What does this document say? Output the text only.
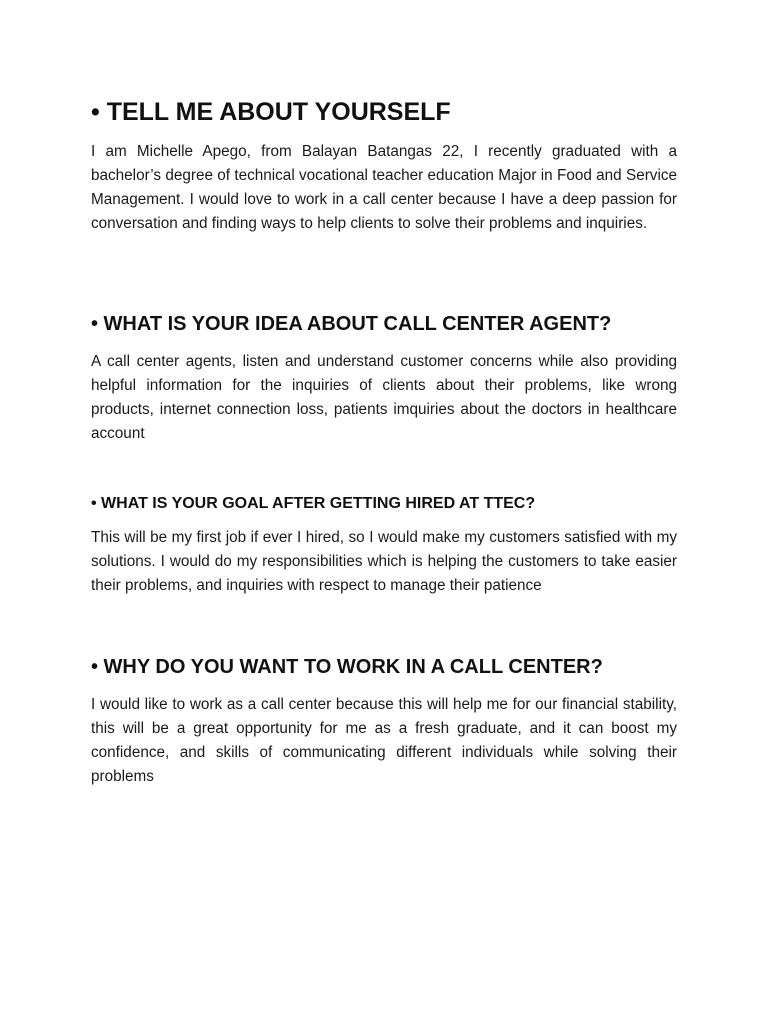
• TELL ME ABOUT YOURSELF

I am Michelle Apego, from Balayan Batangas 22, I recently graduated with a bachelor’s degree of technical vocational teacher education Major in Food and Service Management. I would love to work in a call center because I have a deep passion for conversation and finding ways to help clients to solve their problems and inquiries.

• WHAT IS YOUR IDEA ABOUT CALL CENTER AGENT?

A call center agents, listen and understand customer concerns while also providing helpful information for the inquiries of clients about their problems, like wrong products, internet connection loss, patients imquiries about the doctors in healthcare account

• WHAT IS YOUR GOAL AFTER GETTING HIRED AT TTEC?

This will be my first job if ever I hired, so I would make my customers satisfied with my solutions. I would do my responsibilities which is helping the customers to take easier their problems, and inquiries with respect to manage their patience

• WHY DO YOU WANT TO WORK IN A CALL CENTER?

I would like to work as a call center because this will help me for our financial stability, this will be a great opportunity for me as a fresh graduate, and it can boost my confidence, and skills of communicating different individuals while solving their problems
